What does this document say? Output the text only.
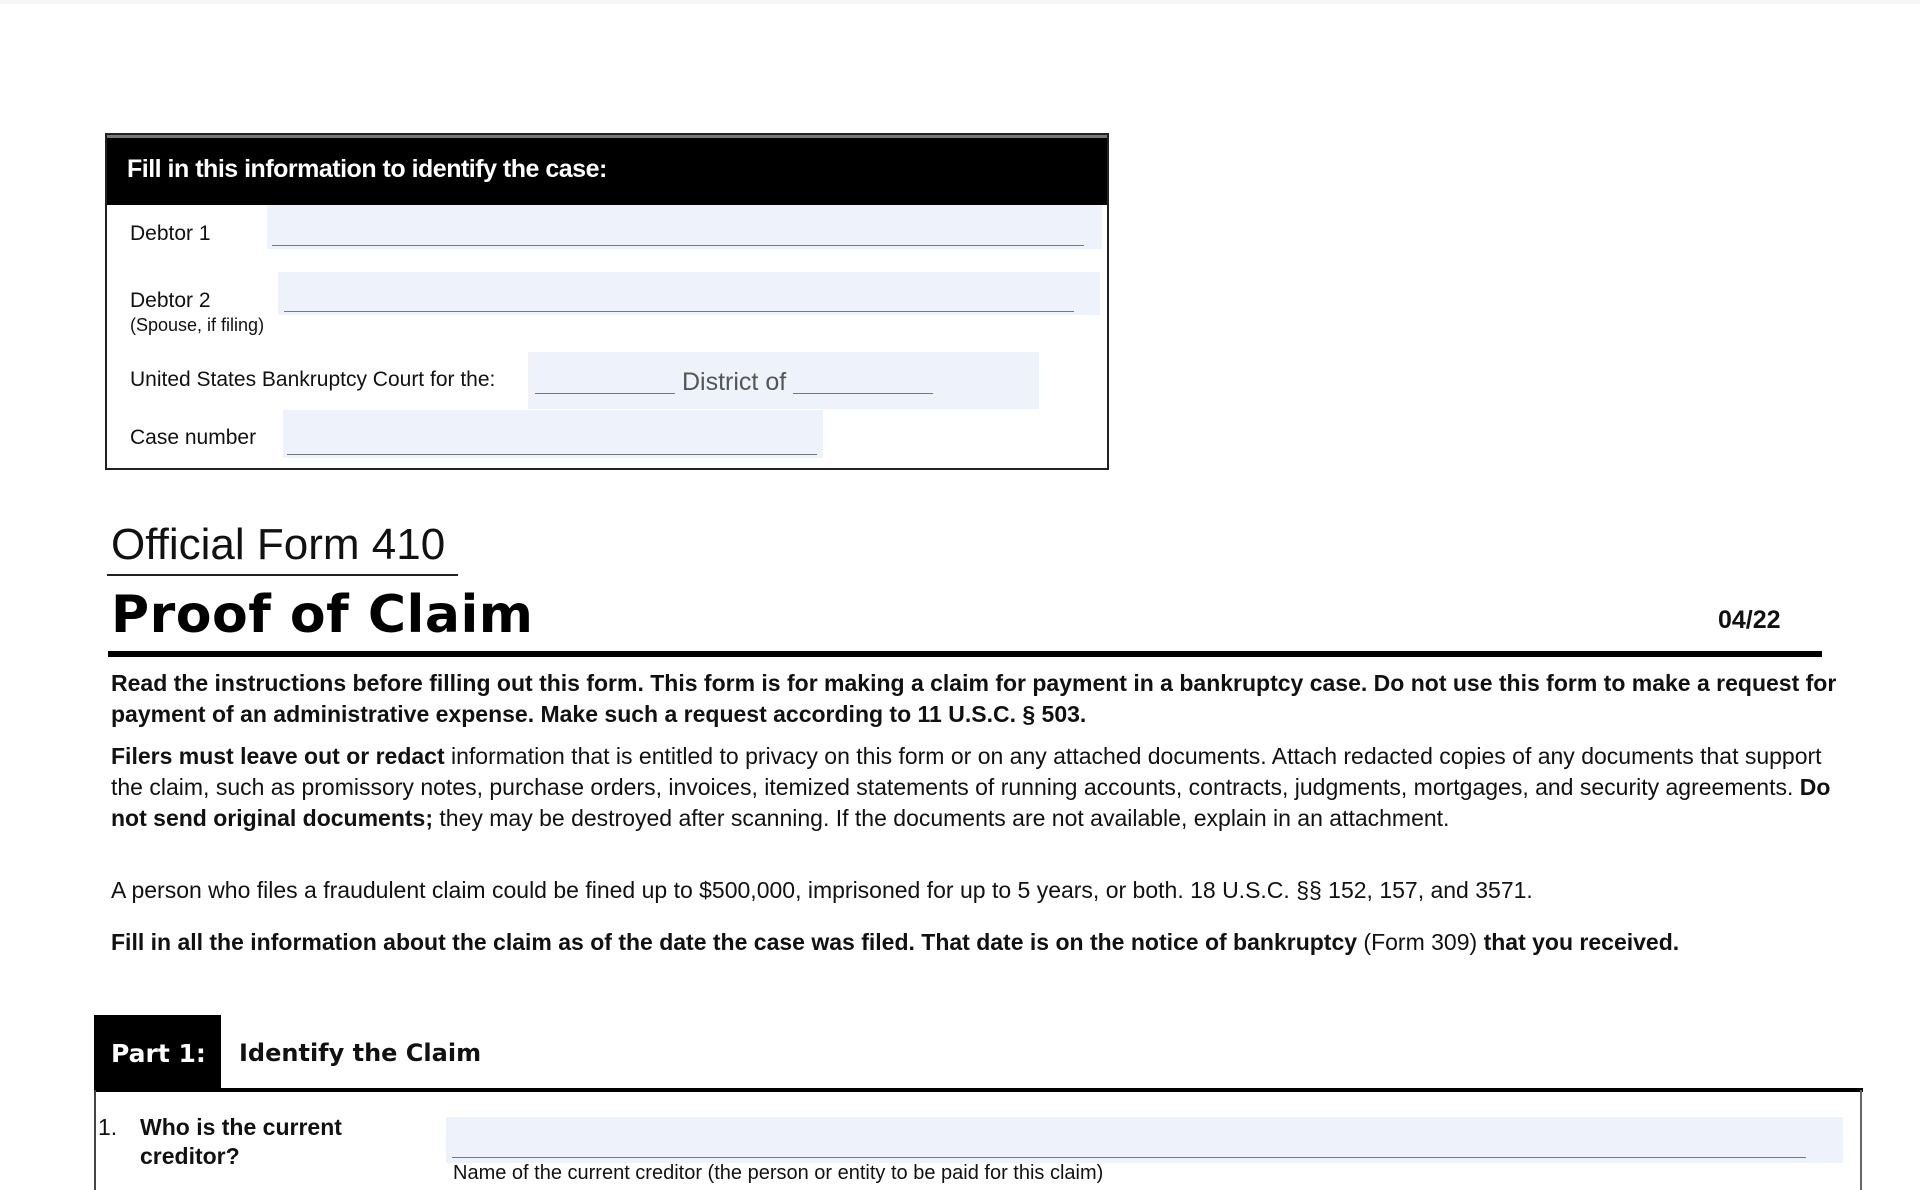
Fill in this information to identify the case:
Debtor 1
Debtor 2
(Spouse, if filing)
United States Bankruptcy Court for the:	District of
Case number
Official Form 410
Proof of Claim	04/22
Read the instructions before filling out this form. This form is for making a claim for payment in a bankruptcy case. Do not use this form to make a request for payment of an administrative expense. Make such a request according to 11 U.S.C. § 503.
Filers must leave out or redact information that is entitled to privacy on this form or on any attached documents. Attach redacted copies of any documents that support the claim, such as promissory notes, purchase orders, invoices, itemized statements of running accounts, contracts, judgments, mortgages, and security agreements. Do not send original documents; they may be destroyed after scanning. If the documents are not available, explain in an attachment.
A person who files a fraudulent claim could be fined up to $500,000, imprisoned for up to 5 years, or both. 18 U.S.C. §§ 152, 157, and 3571.
Fill in all the information about the claim as of the date the case was filed. That date is on the notice of bankruptcy (Form 309) that you received.
Part 1: Identify the Claim
1. Who is the current
creditor?
Name of the current creditor (the person or entity to be paid for this claim)
